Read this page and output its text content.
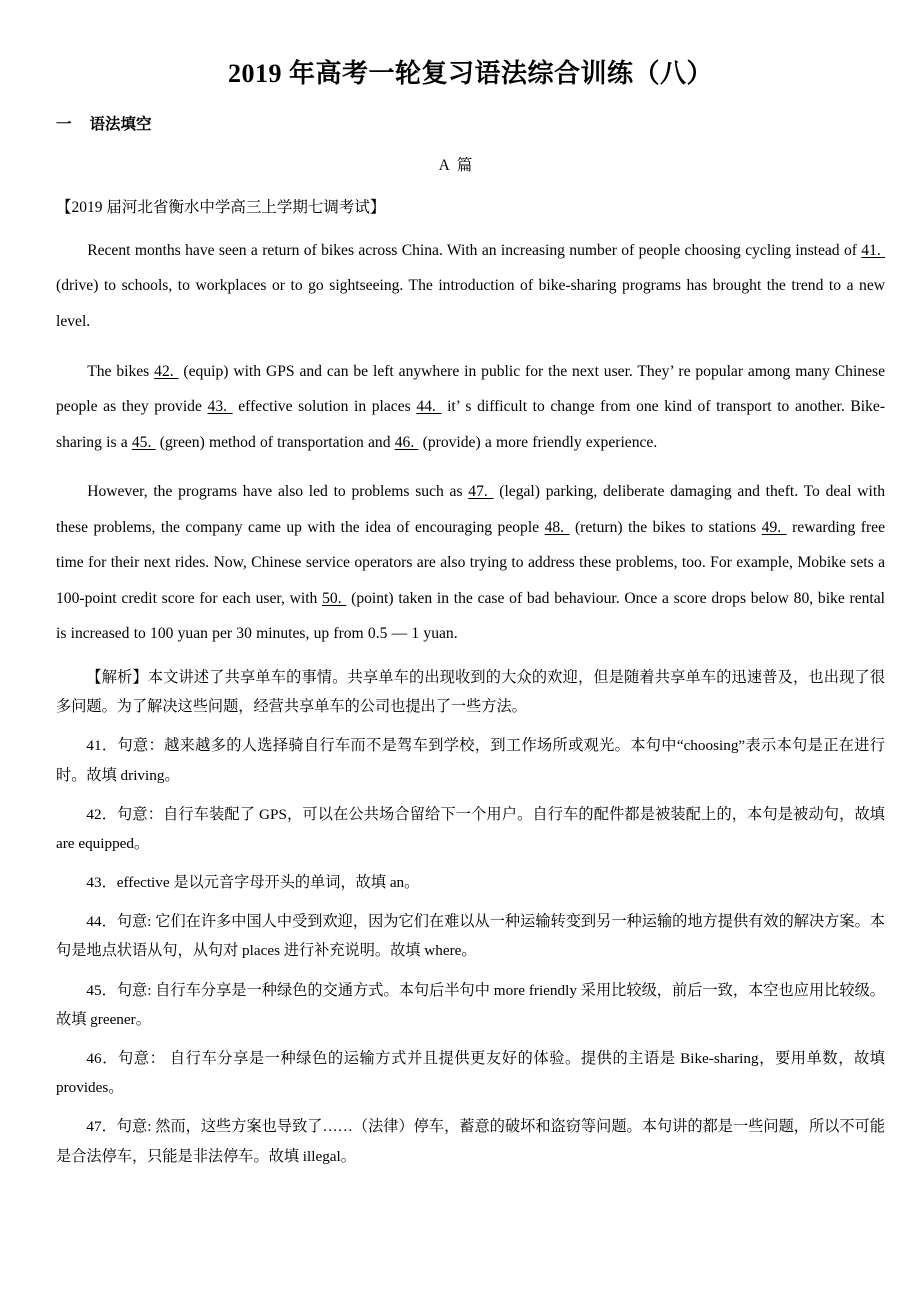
2019 年高考一轮复习语法综合训练（八）

一 语法填空

A 篇

【2019 届河北省衡水中学高三上学期七调考试】

Recent months have seen a return of bikes across China. With an increasing number of people choosing cycling instead of 41.  (drive) to schools, to workplaces or to go sightseeing. The introduction of bike-sharing programs has brought the trend to a new level.

The bikes 42.  (equip) with GPS and can be left anywhere in public for the next user. They’ re popular among many Chinese people as they provide 43.  effective solution in places 44.  it’ s difficult to change from one kind of transport to another. Bike-sharing is a 45.  (green) method of transportation and 46.  (provide) a more friendly experience.

However, the programs have also led to problems such as 47.  (legal) parking, deliberate damaging and theft. To deal with these problems, the company came up with the idea of encouraging people 48.  (return) the bikes to stations 49.  rewarding free time for their next rides. Now, Chinese service operators are also trying to address these problems, too. For example, Mobike sets a 100-point credit score for each user, with 50.  (point) taken in the case of bad behaviour. Once a score drops below 80, bike rental is increased to 100 yuan per 30 minutes, up from 0.5 — 1 yuan.

【解析】本文讲述了共享单车的事情。共享单车的出现收到的大众的欢迎，但是随着共享单车的迅速普及，也出现了很多问题。为了解决这些问题，经营共享单车的公司也提出了一些方法。

41．句意：越来越多的人选择骑自行车而不是驾车到学校，到工作场所或观光。本句中“choosing”表示本句是正在进行时。故填 driving。

42．句意：自行车装配了 GPS，可以在公共场合留给下一个用户。自行车的配件都是被装配上的，本句是被动句，故填 are equipped。

43．effective 是以元音字母开头的单词，故填 an。

44．句意: 它们在许多中国人中受到欢迎，因为它们在难以从一种运输转变到另一种运输的地方提供有效的解决方案。本句是地点状语从句，从句对 places 进行补充说明。故填 where。

45．句意: 自行车分享是一种绿色的交通方式。本句后半句中 more friendly 采用比较级，前后一致，本空也应用比较级。故填 greener。

46．句意： 自行车分享是一种绿色的运输方式并且提供更友好的体验。提供的主语是 Bike-sharing，要用单数，故填 provides。

47．句意: 然而，这些方案也导致了……（法律）停车，蓄意的破坏和盗窃等问题。本句讲的都是一些问题，所以不可能是合法停车，只能是非法停车。故填 illegal。
